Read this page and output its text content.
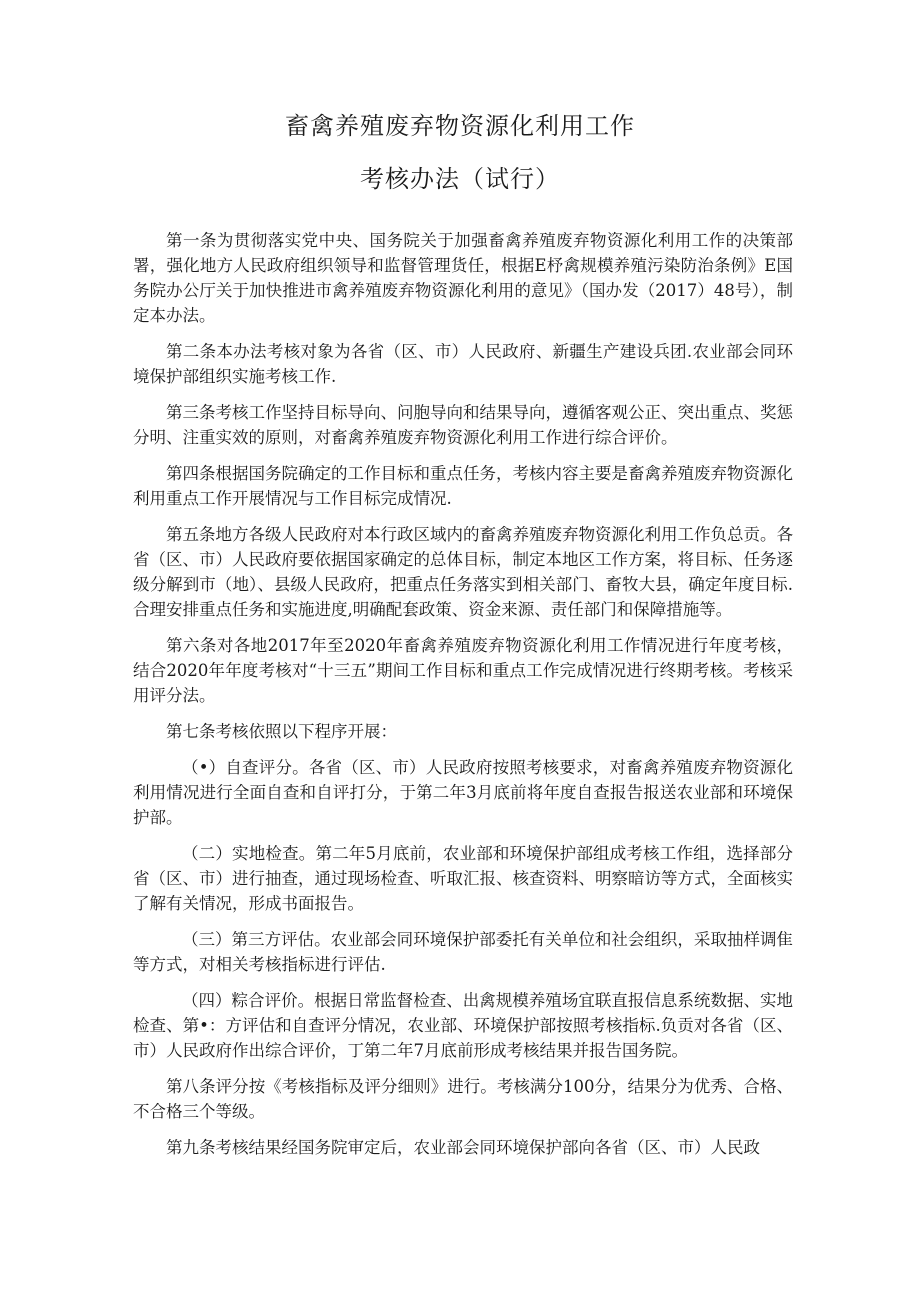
畜禽养殖废弃物资源化利用工作
考核办法（试行）

第一条为贯彻落实党中央、国务院关于加强畜禽养殖废弃物资源化利用工作的决策部署，强化地方人民政府组织领导和监督管理货任，根据E杼禽规模养殖污染防治条例》E国务院办公厅关于加快推进市禽养殖废弃物资源化利用的意见》（国办发（2017）48号），制定本办法。

第二条本办法考核对象为各省（区、市）人民政府、新疆生产建设兵团.农业部会同环境保护部组织实施考核工作.

第三条考核工作坚持目标导向、问胞导向和结果导向，遵循客观公正、突出重点、奖惩分明、注重实效的原则，对畜禽养殖废弃物资源化利用工作进行综合评价。

第四条根据国务院确定的工作目标和重点任务，考核内容主要是畜禽养殖废弃物资源化利用重点工作开展情况与工作目标完成情况.

第五条地方各级人民政府对本行政区域内的畜禽养殖废弃物资源化利用工作负总贡。各省（区、市）人民政府要依据国家确定的总体目标，制定本地区工作方案，将目标、任务逐级分解到市（地）、县级人民政府，把重点任务落实到相关部门、畜牧大县，确定年度目标.合理安排重点任务和实施进度,明确配套政策、资金来源、责任部门和保障措施等。

第六条对各地2017年至2020年畜禽养殖废弃物资源化利用工作情况进行年度考核，结合2020年年度考核对“十三五”期间工作目标和重点工作完成情况进行终期考核。考核采用评分法。

第七条考核依照以下程序开展：

（•）自查评分。各省（区、市）人民政府按照考核要求，对畜禽养殖废弃物资源化利用情况进行全面自查和自评打分，于第二年3月底前将年度自查报告报送农业部和环境保护部。

（二）实地检查。第二年5月底前，农业部和环境保护部组成考核工作组，选择部分省（区、市）进行抽查，通过现场检查、听取汇报、核查资料、明察暗访等方式，全面核实了解有关情况，形成书面报告。

（三）第三方评估。农业部会同环境保护部委托有关单位和社会组织，采取抽样调隹等方式，对相关考核指标进行评估.

（四）粽合评价。根据日常监督检查、出禽规模养殖场宜联直报信息系统数据、实地检查、第•：方评估和自查评分情况，农业部、环境保护部按照考核指标.负贡对各省（区、市）人民政府作出综合评价，丁第二年7月底前形成考核结果并报告国务院。

第八条评分按《考核指标及评分细则》进行。考核满分100分，结果分为优秀、合格、不合格三个等级。

第九条考核结果经国务院审定后，农业部会同环境保护部向各省（区、市）人民政
